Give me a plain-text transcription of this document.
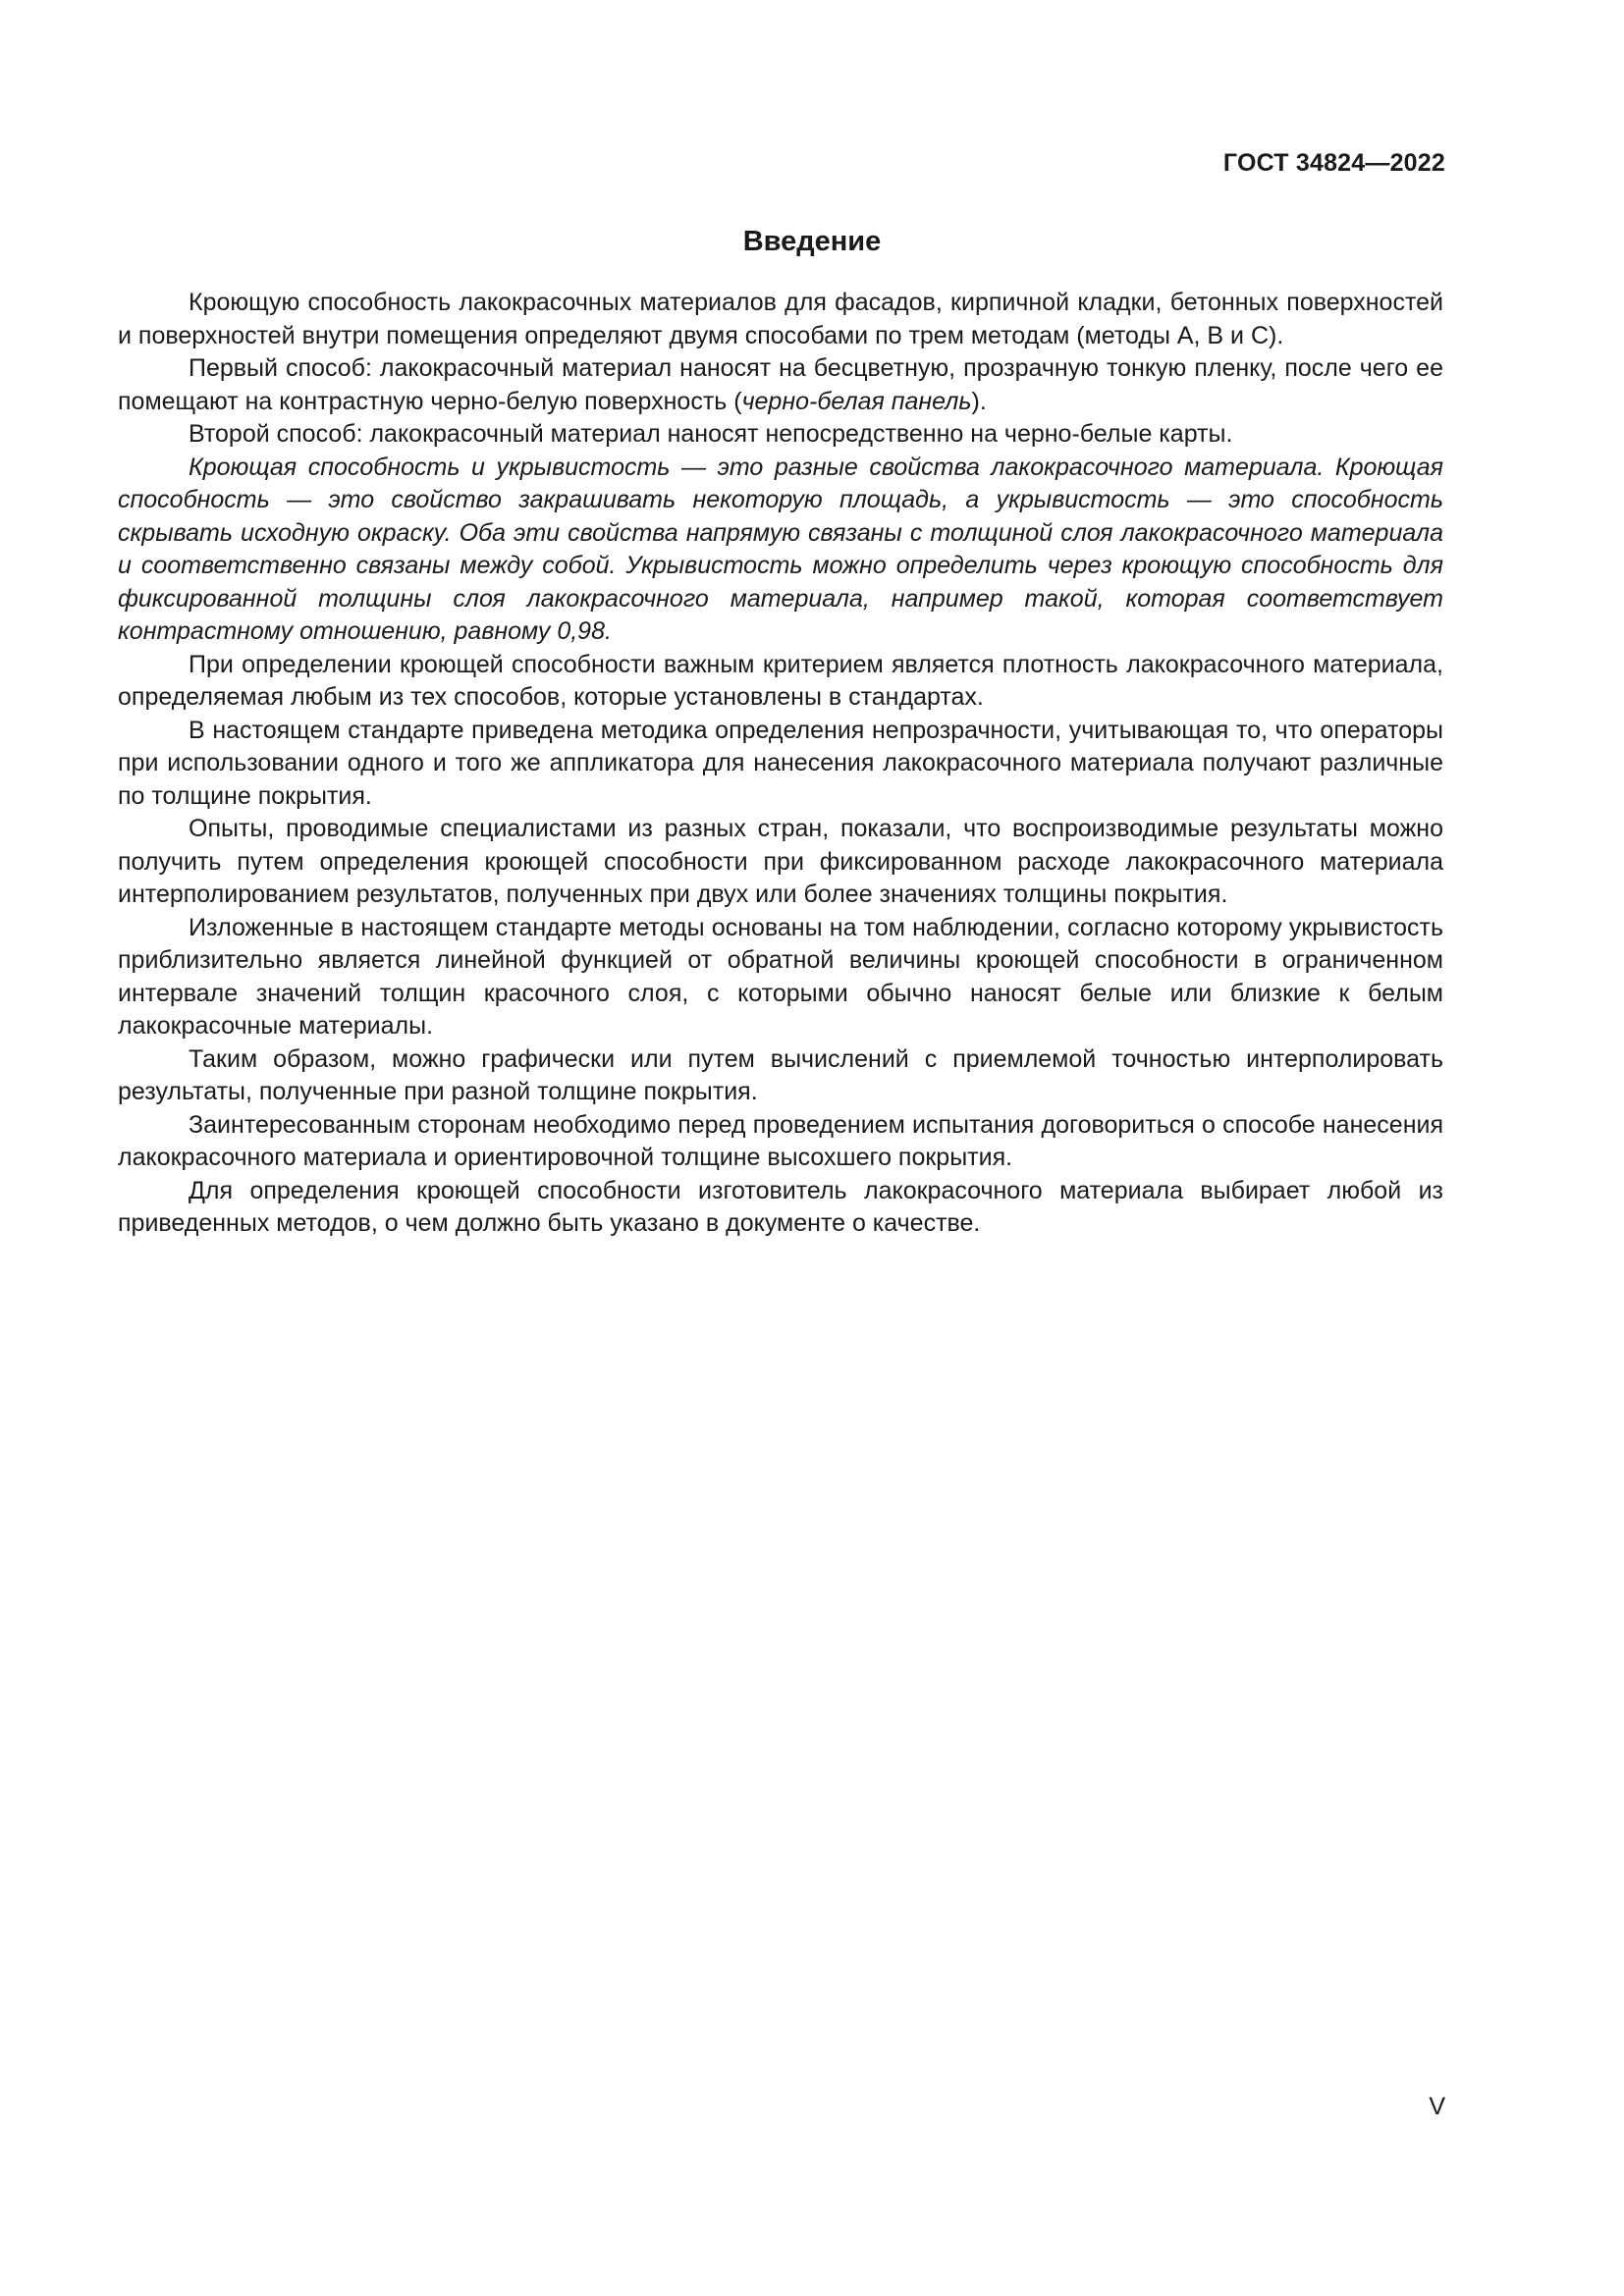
ГОСТ 34824—2022
Введение

Кроющую способность лакокрасочных материалов для фасадов, кирпичной кладки, бетонных поверхностей и поверхностей внутри помещения определяют двумя способами по трем методам (методы A, B и C).

Первый способ: лакокрасочный материал наносят на бесцветную, прозрачную тонкую пленку, после чего ее помещают на контрастную черно-белую поверхность (черно-белая панель).

Второй способ: лакокрасочный материал наносят непосредственно на черно-белые карты.

Кроющая способность и укрывистость — это разные свойства лакокрасочного материала. Кроющая способность — это свойство закрашивать некоторую площадь, а укрывистость — это способность скрывать исходную окраску. Оба эти свойства напрямую связаны с толщиной слоя лакокрасочного материала и соответственно связаны между собой. Укрывистость можно определить через кроющую способность для фиксированной толщины слоя лакокрасочного материала, например такой, которая соответствует контрастному отношению, равному 0,98.

При определении кроющей способности важным критерием является плотность лакокрасочного материала, определяемая любым из тех способов, которые установлены в стандартах.

В настоящем стандарте приведена методика определения непрозрачности, учитывающая то, что операторы при использовании одного и того же аппликатора для нанесения лакокрасочного материала получают различные по толщине покрытия.

Опыты, проводимые специалистами из разных стран, показали, что воспроизводимые результаты можно получить путем определения кроющей способности при фиксированном расходе лакокрасочного материала интерполированием результатов, полученных при двух или более значениях толщины покрытия.

Изложенные в настоящем стандарте методы основаны на том наблюдении, согласно которому укрывистость приблизительно является линейной функцией от обратной величины кроющей способности в ограниченном интервале значений толщин красочного слоя, с которыми обычно наносят белые или близкие к белым лакокрасочные материалы.

Таким образом, можно графически или путем вычислений с приемлемой точностью интерполировать результаты, полученные при разной толщине покрытия.

Заинтересованным сторонам необходимо перед проведением испытания договориться о способе нанесения лакокрасочного материала и ориентировочной толщине высохшего покрытия.

Для определения кроющей способности изготовитель лакокрасочного материала выбирает любой из приведенных методов, о чем должно быть указано в документе о качестве.

V
